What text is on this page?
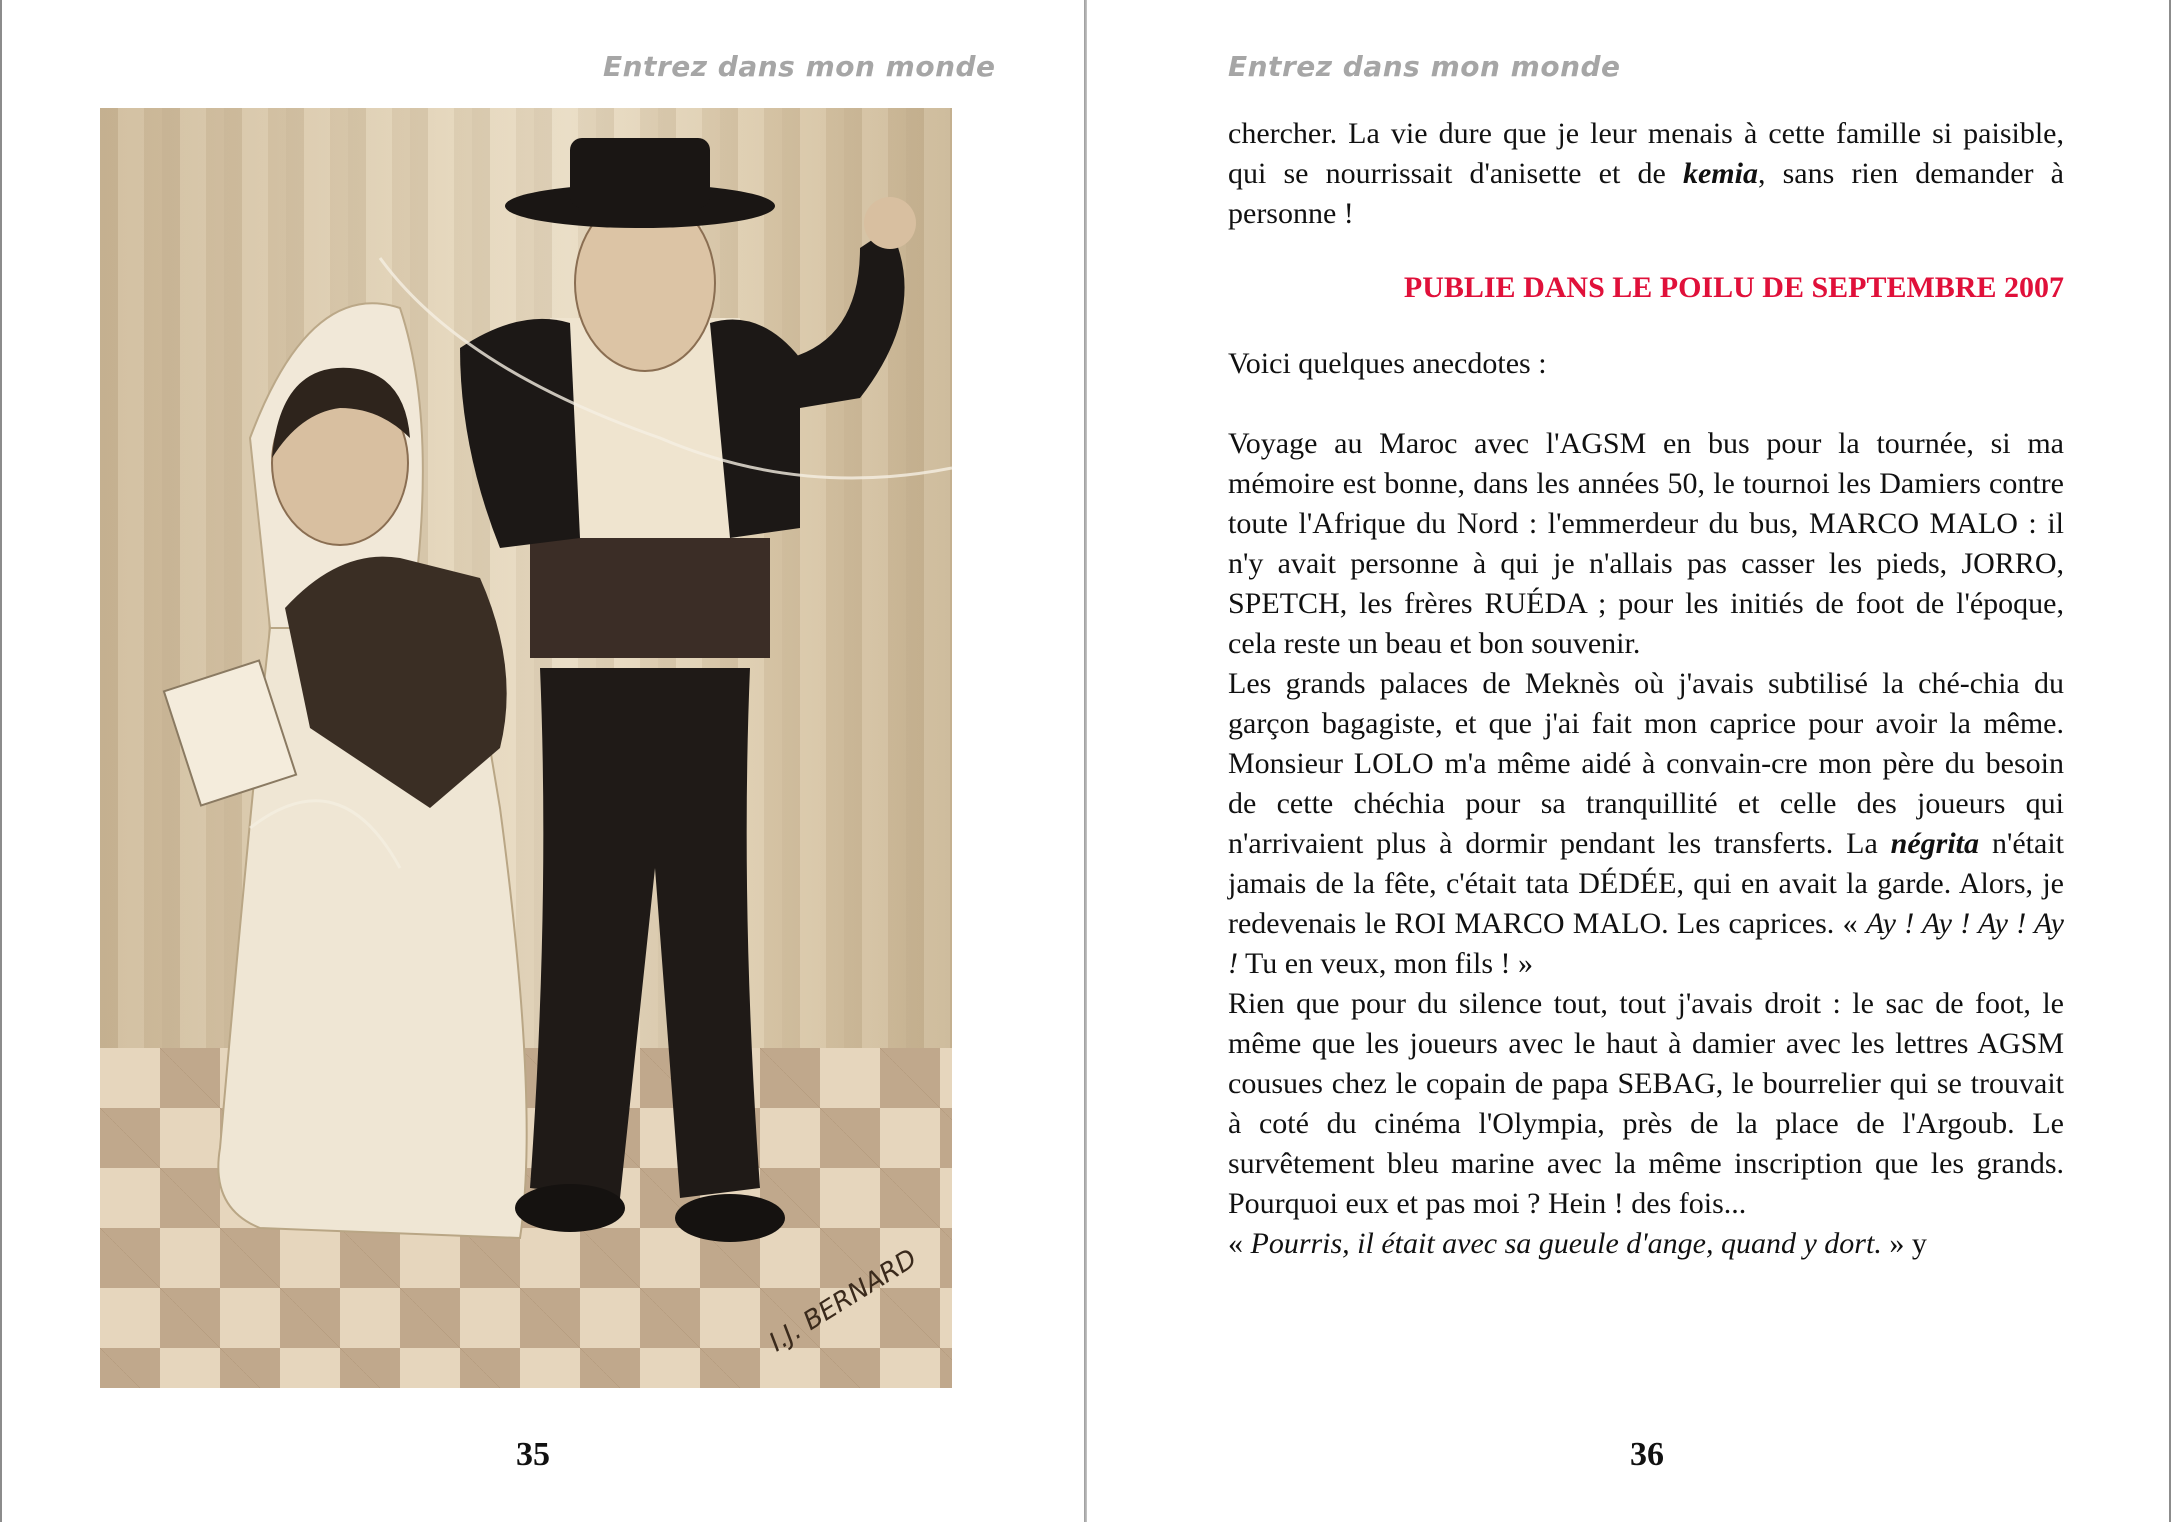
Entrez dans mon monde	Entrez dans mon monde
I.J. BERNARD
35

chercher. La vie dure que je leur menais à cette famille si paisible, qui se nourrissait d'anisette et de kemia, sans rien demander à personne !

PUBLIE DANS LE POILU DE SEPTEMBRE 2007

Voici quelques anecdotes :

Voyage au Maroc avec l'AGSM en bus pour la tournée, si ma mémoire est bonne, dans les années 50, le tournoi les Damiers contre toute l'Afrique du Nord : l'emmerdeur du bus, MARCO MALO : il n'y avait personne à qui je n'allais pas casser les pieds, JORRO, SPETCH, les frères RUÉDA ; pour les initiés de foot de l'époque, cela reste un beau et bon souvenir.

Les grands palaces de Meknès où j'avais subtilisé la ché-chia du garçon bagagiste, et que j'ai fait mon caprice pour avoir la même. Monsieur LOLO m'a même aidé à convain-cre mon père du besoin de cette chéchia pour sa tranquillité et celle des joueurs qui n'arrivaient plus à dormir pendant les transferts. La négrita n'était jamais de la fête, c'était tata DÉDÉE, qui en avait la garde. Alors, je redevenais le ROI MARCO MALO. Les caprices. « Ay ! Ay ! Ay ! Ay ! Tu en veux, mon fils ! »

Rien que pour du silence tout, tout j'avais droit : le sac de foot, le même que les joueurs avec le haut à damier avec les lettres AGSM cousues chez le copain de papa SEBAG, le bourrelier qui se trouvait à coté du cinéma l'Olympia, près de la place de l'Argoub. Le survêtement bleu marine avec la même inscription que les grands. Pourquoi eux et pas moi ? Hein ! des fois...

« Pourris, il était avec sa gueule d'ange, quand y dort. » y

36
